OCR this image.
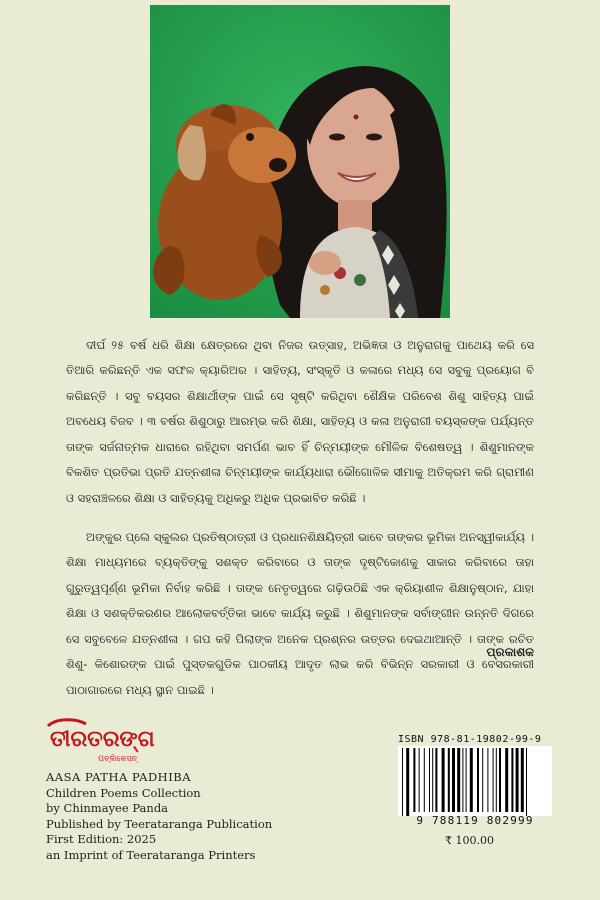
ଦୀର୍ଘ ୨୫ ବର୍ଷ ଧରି ଶିକ୍ଷା କ୍ଷେତ୍ରରେ ଥିବା ନିଜର ଉତ୍ସାହ, ଅଭିଜ୍ଞତା ଓ ଅନୁରାଗକୁ ପାଥେୟ କରି ସେ ତିଆରି କରିଛନ୍ତି ଏକ ସଫଳ କ୍ୟାରିଅର । ସାହିତ୍ୟ, ସଂସ୍କୃତି ଓ କଳାରେ ମଧ୍ୟ ସେ ସବୁକୁ ପ୍ରୟୋଗ ବି କରିଛନ୍ତି । ସବୁ ବୟସର ଶିକ୍ଷାର୍ଥୀଙ୍କ ପାଇଁ ସେ ସୃଷ୍ଟି କରିଥିବା ଶୈକ୍ଷିକ ପରିବେଶ ଶିଶୁ ସାହିତ୍ୟ ପାଇଁ ଅବଧେୟ ବିଜବ । ୩ ବର୍ଷର ଶିଶୁଠାରୁ ଆରମ୍ଭ କରି ଶିକ୍ଷା, ସାହିତ୍ୟ ଓ କଳା ଅନୁରାଗୀ ବୟସ୍କଙ୍କ ପର୍ଯ୍ୟନ୍ତ ତାଙ୍କ ସର୍ଜନାତ୍ମକ ଧାରାରେ ରହିଥିବା ସମର୍ପଣ ଭାବ ହିଁ ଚିନ୍ମୟୀଙ୍କ ମୌଳିକ ବିଶେଷତ୍ୱ । ଶିଶୁମାନଙ୍କ ବିକଶିତ ପ୍ରତିଭା ପ୍ରତି ଯତ୍ନଶୀଳା ଚିନ୍ମୟୀଙ୍କ କାର୍ଯ୍ୟଧାରା ଭୌଗୋଳିକ ସୀମାକୁ ଅତିକ୍ରମ କରି ଗ୍ରାମୀଣ ଓ ସହରାଞ୍ଚଳରେ ଶିକ୍ଷା ଓ ସାହିତ୍ୟକୁ ଅଧିକରୁ ଅଧିକ ପ୍ରଭାବିତ କରିଛି ।

ଅଙ୍କୁର ପ୍ଲେ ସ୍କୁଲର ପ୍ରତିଷ୍ଠାତ୍ରୀ ଓ ପ୍ରଧାନଶିକ୍ଷୟିତ୍ରୀ ଭାବେ ତାଙ୍କର ଭୂମିକା ଅନସ୍ୱୀକାର୍ଯ୍ୟ । ଶିକ୍ଷା ମାଧ୍ୟମରେ ବ୍ୟକ୍ତିଙ୍କୁ ସଶକ୍ତ କରିବାରେ ଓ ତାଙ୍କ ଦୃଷ୍ଟିକୋଣକୁ ସାକାର କରିବାରେ ତାହା ଗୁରୁତ୍ୱପୂର୍ଣ୍ଣ ଭୂମିକା ନିର୍ବାହ କରିଛି । ତାଙ୍କ ନେତୃତ୍ୱରେ ଗଢ଼ିଉଠିଛି ଏକ କ୍ରିୟାଶୀଳ ଶିକ୍ଷାନୁଷ୍ଠାନ, ଯାହା ଶିକ୍ଷା ଓ ସଶକ୍ତିକରଣର ଆଲୋକବର୍ତ୍ତିକା ଭାବେ କାର୍ଯ୍ୟ କରୁଛି । ଶିଶୁମାନଙ୍କ ସର୍ବାଙ୍ଗୀନ ଉନ୍ନତି ଦିଗରେ ସେ ସବୁବେଳେ ଯତ୍ନଶୀଳା । ଗପ କହି ପିଲାଙ୍କ ଅନେକ ପ୍ରଶ୍ନର ଉତ୍ତର ଦେଇଥାଆନ୍ତି । ତାଙ୍କ ରଚିତ ଶିଶୁ- କିଶୋରଙ୍କ ପାଇଁ ପୁସ୍ତକଗୁଡିକ ପାଠକୀୟ ଆଦୃତ ଲାଭ କରି ବିଭିନ୍ନ ସରକାରୀ ଓ ବେସରକାରୀ ପାଠାଗାରରେ ମଧ୍ୟ ସ୍ଥାନ ପାଇଛି ।

ପ୍ରକାଶକ
ତୀରତରଙ୍ଗ
ପବ୍ଲିକେସନ୍
AASA PATHA PADHIBA
Children Poems Collection
by Chinmayee Panda
Published by Teerataranga Publication
First Edition: 2025
an Imprint of Teerataranga Printers
ISBN 978-81-19802-99-9
9 788119 802999
₹ 100.00
